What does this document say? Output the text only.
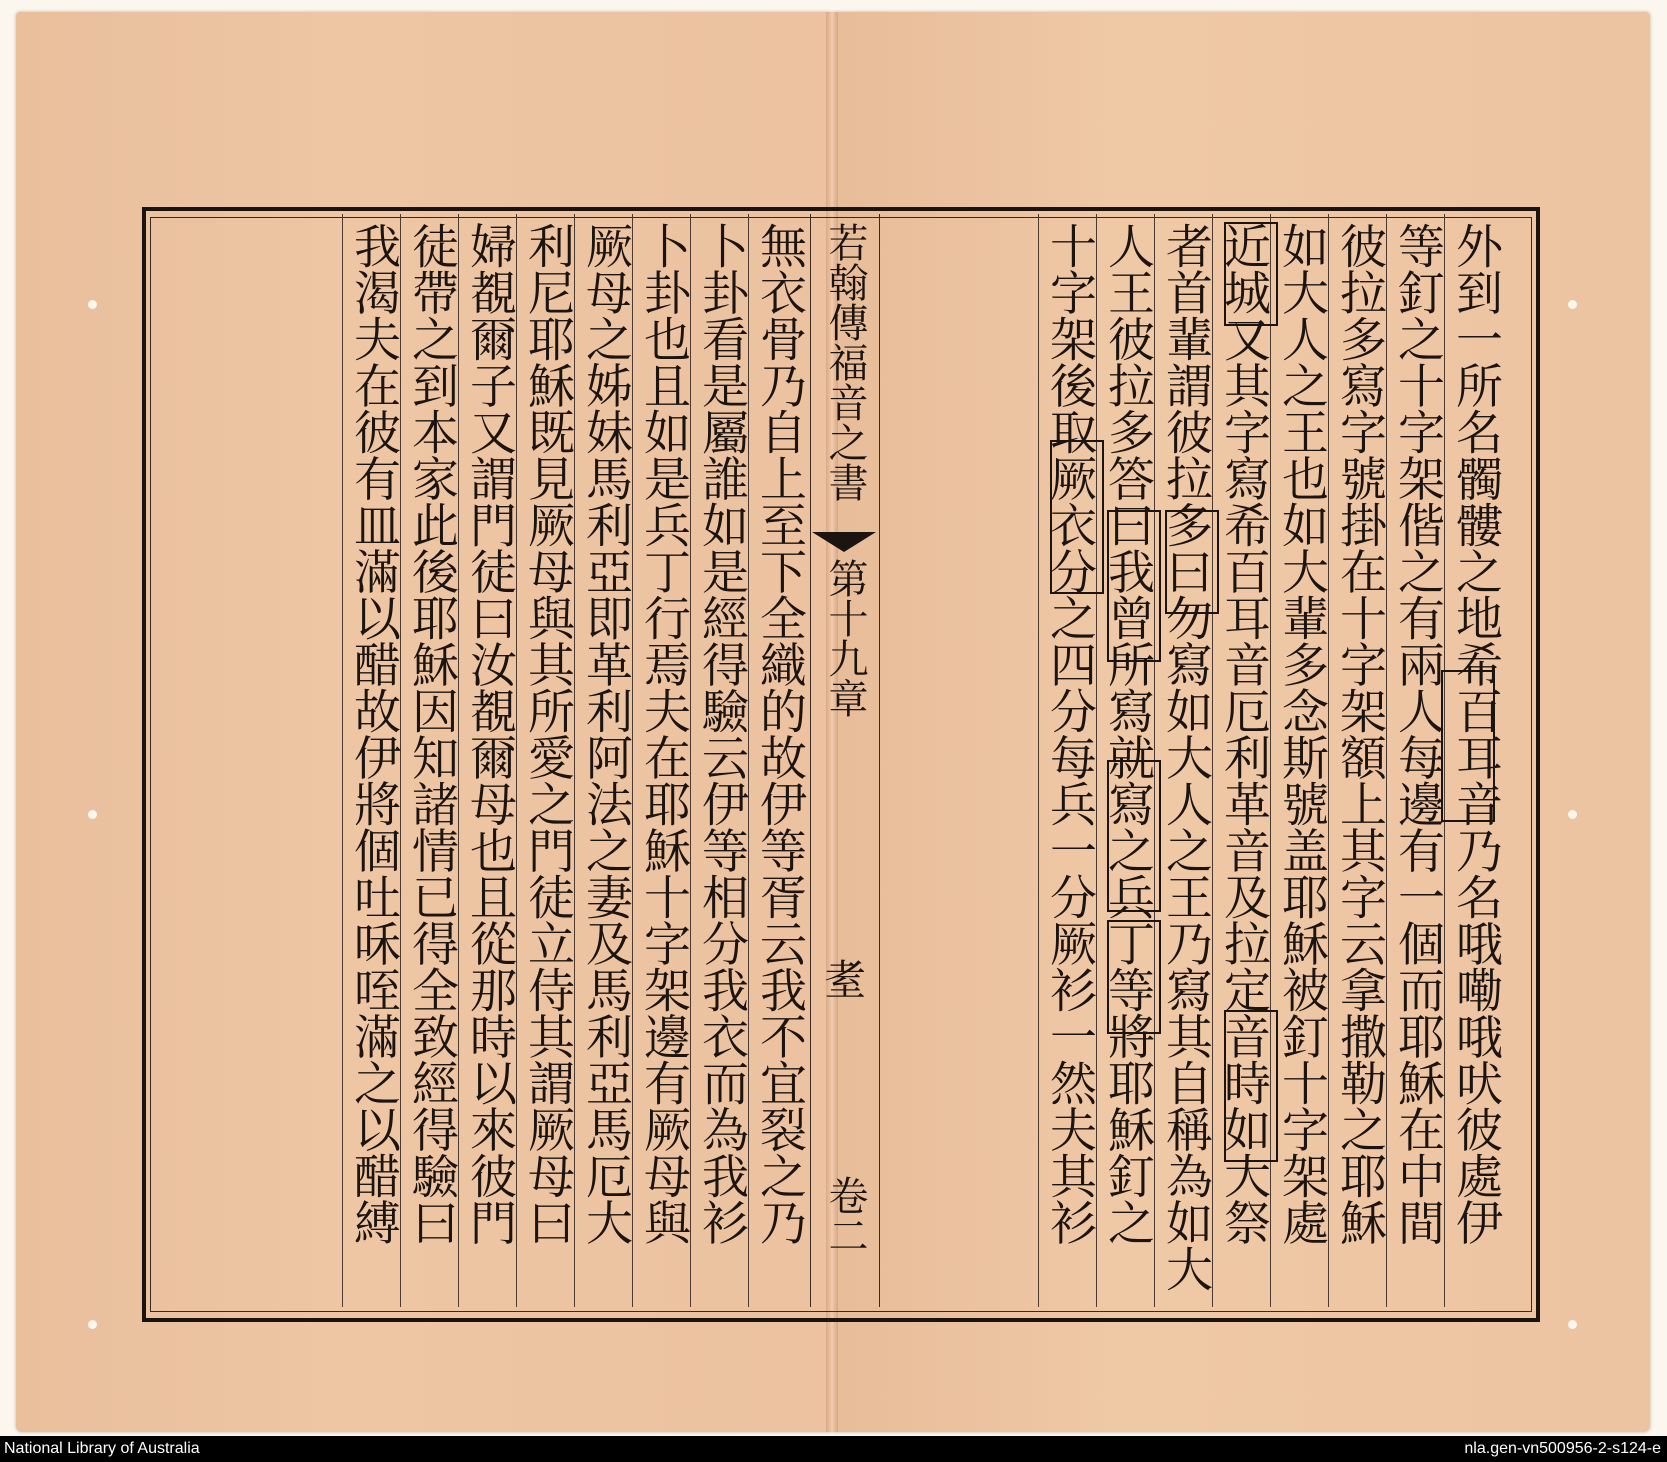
若翰傳福音之書
第十九章
耊
卷二	外到一所名髑髏之地希百耳音乃名哦嘞哦吠彼處伊
等釘之十字架偕之有兩人每邊有一個而耶穌在中間
彼拉多寫字號掛在十字架額上其字云拿撒勒之耶穌
如大人之王也如大輩多念斯號盖耶穌被釘十字架處
近城又其字寫希百耳音厄利革音及拉定音時如大祭
者首輩謂彼拉多曰勿寫如大人之王乃寫其自稱為如大
人王彼拉多答曰我曾所寫就寫之兵丁等將耶穌釘之
十字架後取厥衣分之四分每兵一分厥衫一然夫其衫
無衣骨乃自上至下全織的故伊等胥云我不宜裂之乃
卜卦看是屬誰如是經得驗云伊等相分我衣而為我衫
卜卦也且如是兵丁行焉夫在耶穌十字架邊有厥母與
厥母之姊妹馬利亞即革利阿法之妻及馬利亞馬厄大
利尼耶穌既見厥母與其所愛之門徒立侍其謂厥母曰
婦覩爾子又謂門徒曰汝覩爾母也且從那時以來彼門
徒帶之到本家此後耶穌因知諸情已得全致經得驗曰
我渴夫在彼有皿滿以醋故伊將個吐咊咥滿之以醋縛
National Library of Australia	nla.gen-vn500956-2-s124-e
